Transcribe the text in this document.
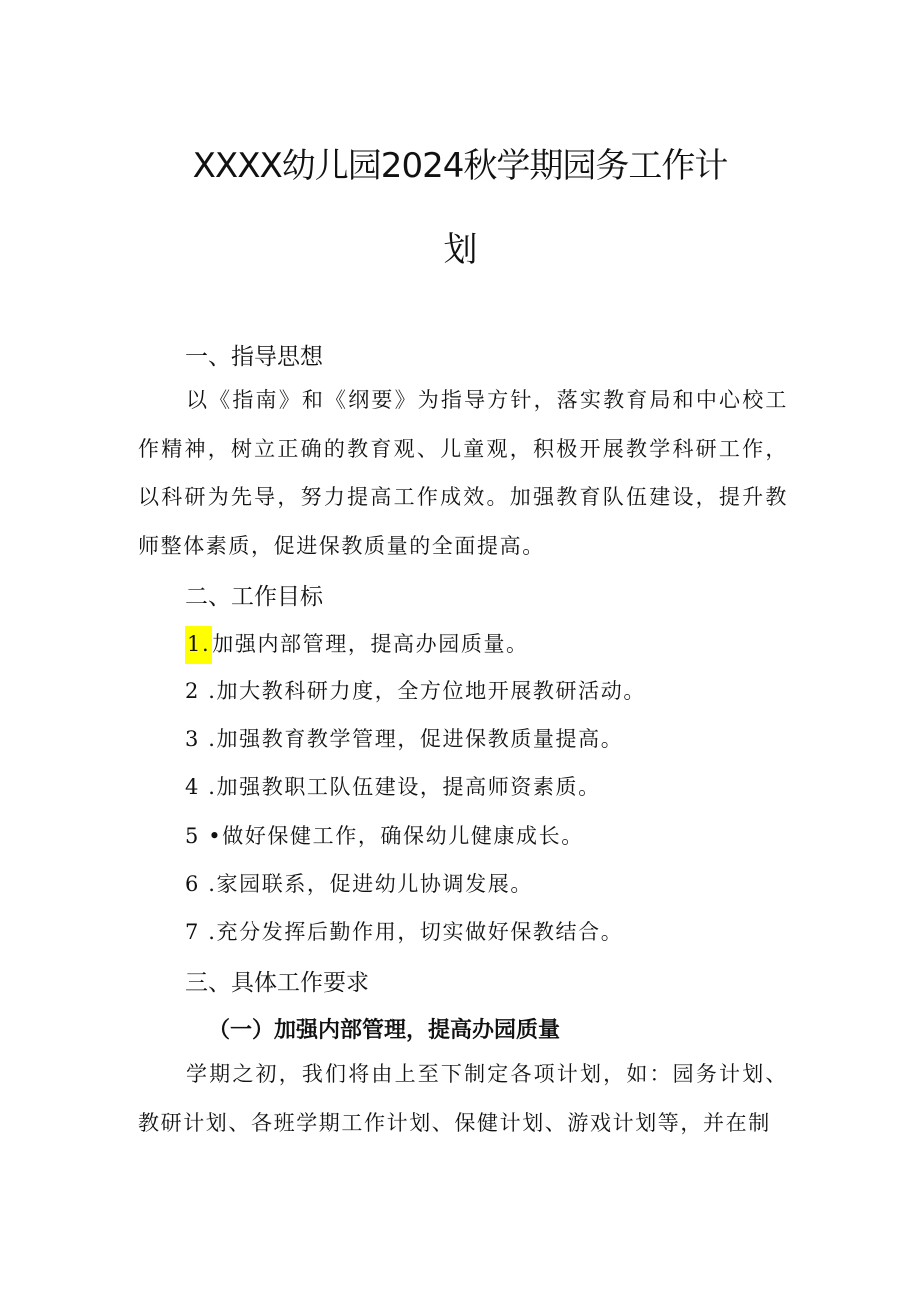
XXXX幼儿园2024秋学期园务工作计
划
一、指导思想
以《指南》和《纲要》为指导方针，落实教育局和中心校工作精神，树立正确的教育观、儿童观，积极开展教学科研工作，以科研为先导，努力提高工作成效。加强教育队伍建设，提升教师整体素质，促进保教质量的全面提高。
二、工作目标
1.加强内部管理，提高办园质量。
2 .加大教科研力度，全方位地开展教研活动。
3 .加强教育教学管理，促进保教质量提高。
4 .加强教职工队伍建设，提高师资素质。
5 •做好保健工作，确保幼儿健康成长。
6 .家园联系，促进幼儿协调发展。
7 .充分发挥后勤作用，切实做好保教结合。
三、具体工作要求
（一）加强内部管理，提高办园质量
学期之初，我们将由上至下制定各项计划，如：园务计划、教研计划、各班学期工作计划、保健计划、游戏计划等，并在制
